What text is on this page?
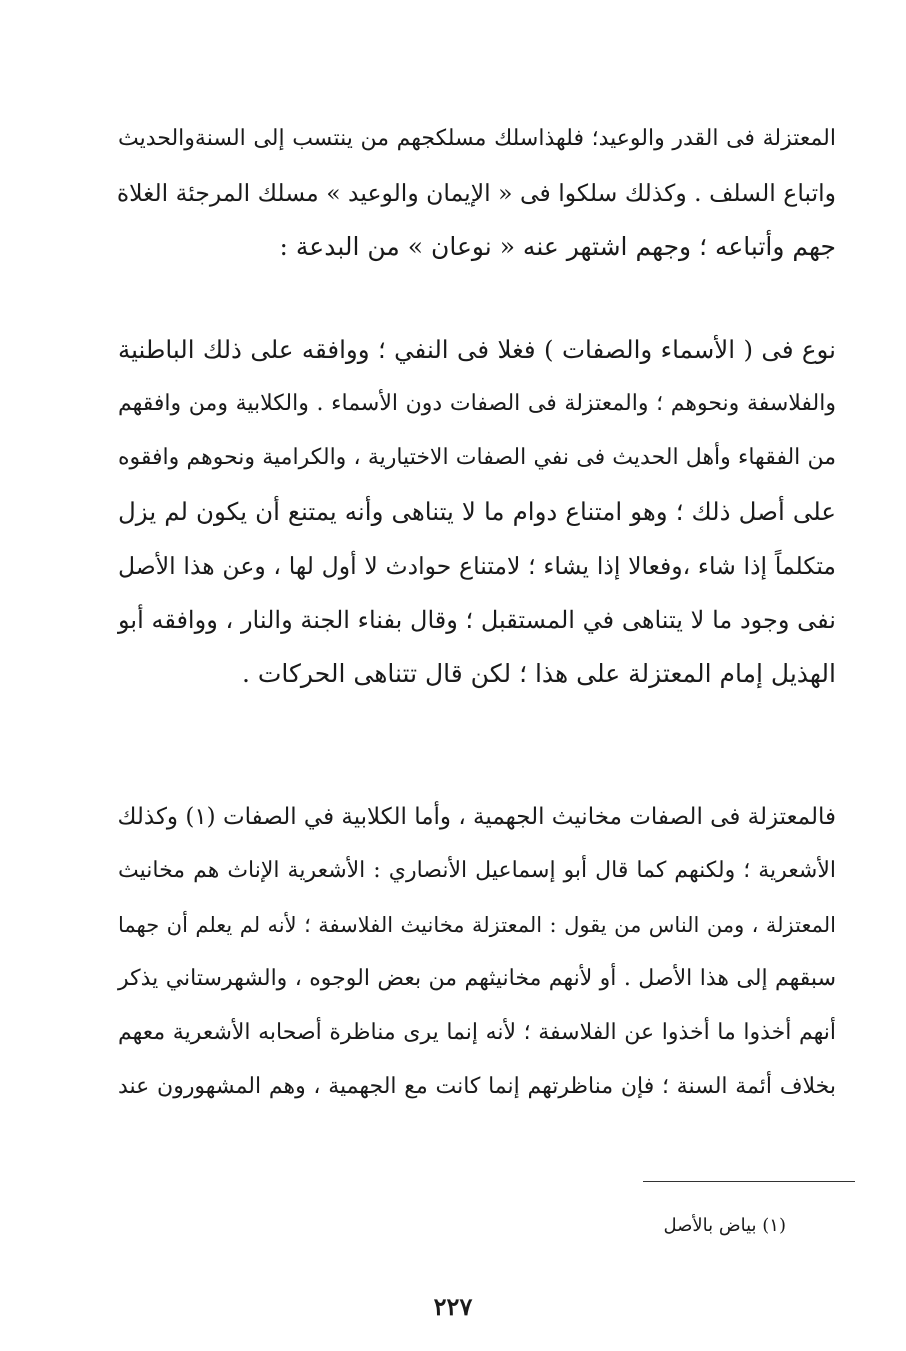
المعتزلة فى القدر والوعيد؛ فلهذاسلك مسلكجهم من ينتسب إلى السنةوالحديث
واتباع السلف . وكذلك سلكوا فى « الإيمان والوعيد » مسلك المرجئة الغلاة
جهم وأتباعه ؛ وجهم اشتهر عنه « نوعان » من البدعة :
نوع فى ( الأسماء والصفات ) فغلا فى النفي ؛ ووافقه على ذلك الباطنية
والفلاسفة ونحوهم ؛ والمعتزلة فى الصفات دون الأسماء . والكلابية ومن وافقهم
من الفقهاء وأهل الحديث فى نفي الصفات الاختيارية ، والكرامية ونحوهم وافقوه
على أصل ذلك ؛ وهو امتناع دوام ما لا يتناهى وأنه يمتنع أن يكون لم يزل
متكلماً إذا شاء ،وفعالا إذا يشاء ؛ لامتناع حوادث لا أول لها ، وعن هذا الأصل
نفى وجود ما لا يتناهى في المستقبل ؛ وقال بفناء الجنة والنار ، ووافقه أبو
الهذيل إمام المعتزلة على هذا ؛ لكن قال تتناهى الحركات .
فالمعتزلة فى الصفات مخانيث الجهمية ، وأما الكلابية في الصفات (١) وكذلك
الأشعرية ؛ ولكنهم كما قال أبو إسماعيل الأنصاري : الأشعرية الإناث هم مخانيث
المعتزلة ، ومن الناس من يقول : المعتزلة مخانيث الفلاسفة ؛ لأنه لم يعلم أن جهما
سبقهم إلى هذا الأصل . أو لأنهم مخانيثهم من بعض الوجوه ، والشهرستاني يذكر
أنهم أخذوا ما أخذوا عن الفلاسفة ؛ لأنه إنما يرى مناظرة أصحابه الأشعرية معهم
بخلاف أئمة السنة ؛ فإن مناظرتهم إنما كانت مع الجهمية ، وهم المشهورون عند
(١) بياض بالأصل
٢٢٧
